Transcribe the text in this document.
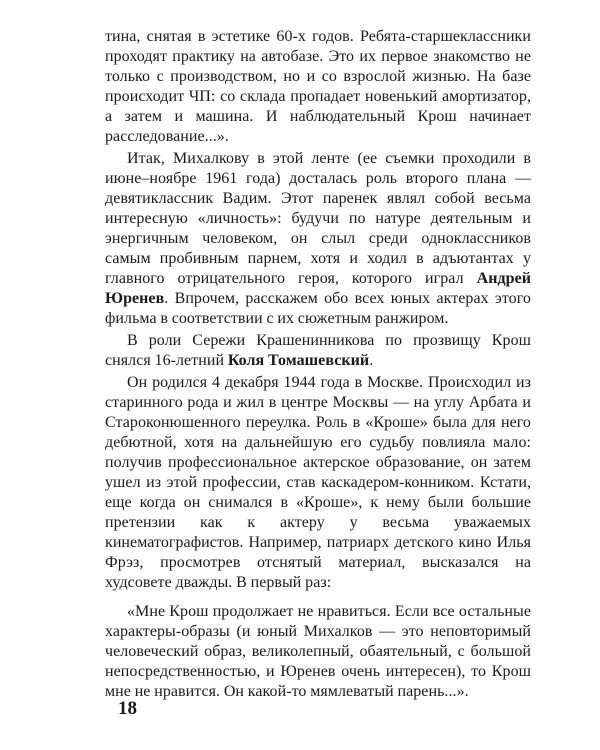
тина, снятая в эстетике 60-х годов. Ребята-старшеклассники проходят практику на автобазе. Это их первое знакомство не только с производством, но и со взрослой жизнью. На базе происходит ЧП: со склада пропадает новенький амортизатор, а затем и машина. И наблюдательный Крош начинает расследование...».

Итак, Михалкову в этой ленте (ее съемки проходили в июне–ноябре 1961 года) досталась роль второго плана — девятиклассник Вадим. Этот паренек являл собой весьма интересную «личность»: будучи по натуре деятельным и энергичным человеком, он слыл среди одноклассников самым пробивным парнем, хотя и ходил в адъютантах у главного отрицательного героя, которого играл Андрей Юренев. Впрочем, расскажем обо всех юных актерах этого фильма в соответствии с их сюжетным ранжиром.

В роли Сережи Крашенинникова по прозвищу Крош снялся 16-летний Коля Томашевский.

Он родился 4 декабря 1944 года в Москве. Происходил из старинного рода и жил в центре Москвы — на углу Арбата и Староконюшенного переулка. Роль в «Кроше» была для него дебютной, хотя на дальнейшую его судьбу повлияла мало: получив профессиональное актерское образование, он затем ушел из этой профессии, став каскадером-конником. Кстати, еще когда он снимался в «Кроше», к нему были большие претензии как к актеру у весьма уважаемых кинематографистов. Например, патриарх детского кино Илья Фрэз, просмотрев отснятый материал, высказался на худсовете дважды. В первый раз:

«Мне Крош продолжает не нравиться. Если все остальные характеры-образы (и юный Михалков — это неповторимый человеческий образ, великолепный, обаятельный, с большой непосредственностью, и Юренев очень интересен), то Крош мне не нравится. Он какой-то мямлеватый парень...».

18
